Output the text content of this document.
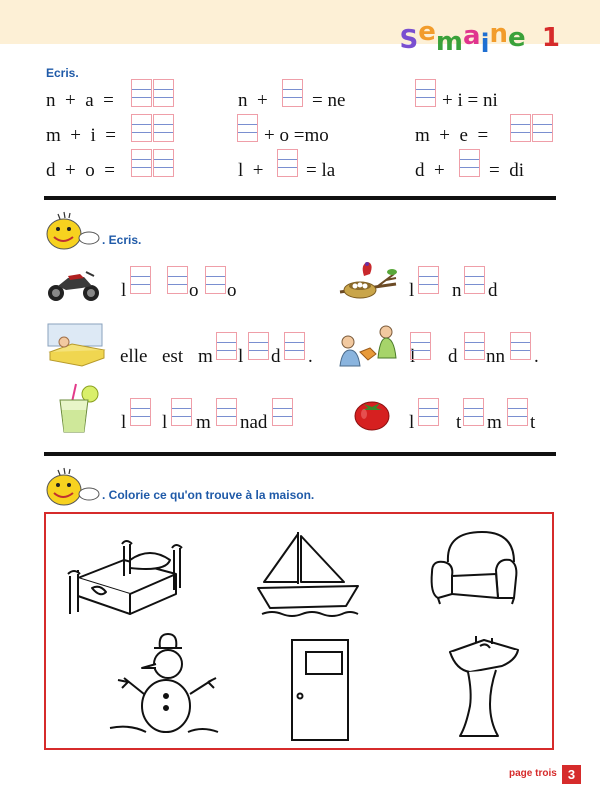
Semaine 1
Ecris.
n + a =	n + = ne	+ i = ni
m + i =	+ o =mo	m + e =
d + o =	l + = la	d + = di
. Ecris.
l	o o	l n d
elle est m l d .	l d nn .
l l m nad	l t m t
. Colorie ce qu'on trouve à la maison.
page trois 3
